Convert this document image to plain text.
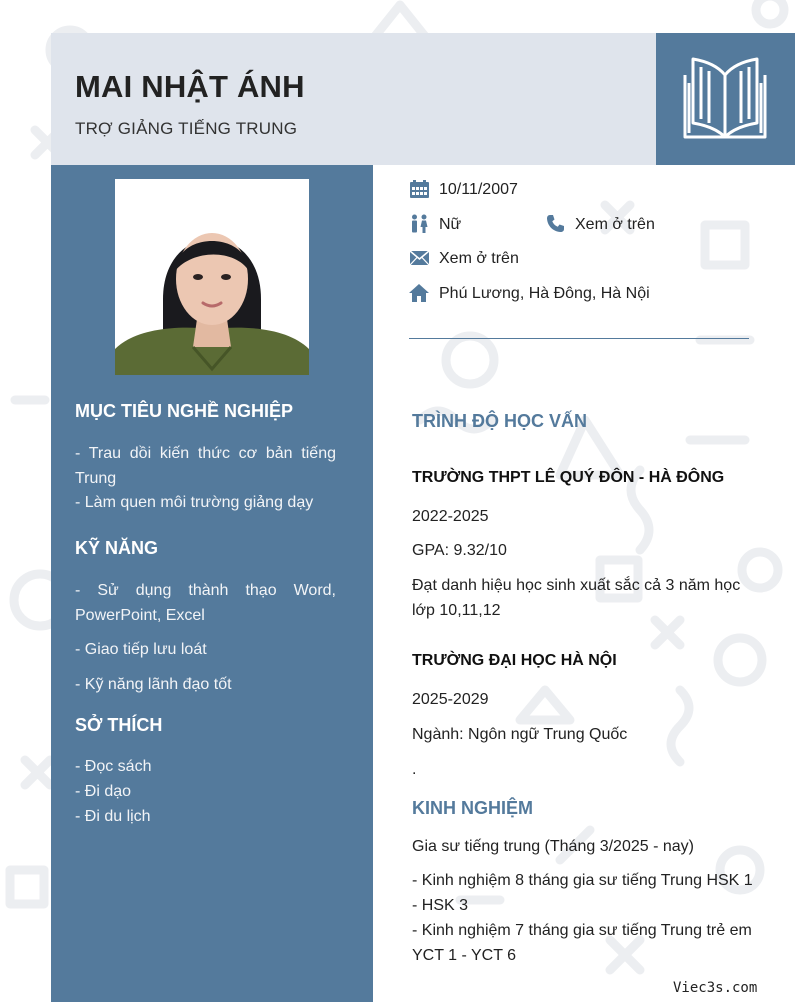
MAI NHẬT ÁNH
TRỢ GIẢNG TIẾNG TRUNG
MỤC TIÊU NGHỀ NGHIỆP
- Trau dồi kiến thức cơ bản tiếng Trung
- Làm quen môi trường giảng dạy
KỸ NĂNG
- Sử dụng thành thạo Word, PowerPoint, Excel
- Giao tiếp lưu loát
- Kỹ năng lãnh đạo tốt
SỞ THÍCH
- Đọc sách
- Đi dạo
- Đi du lịch
10/11/2007
Nữ	Xem ở trên
Xem ở trên
Phú Lương, Hà Đông, Hà Nội
TRÌNH ĐỘ HỌC VẤN
TRƯỜNG THPT LÊ QUÝ ĐÔN - HÀ ĐÔNG
2022-2025
GPA: 9.32/10
Đạt danh hiệu học sinh xuất sắc cả 3 năm học lớp 10,11,12
TRƯỜNG ĐẠI HỌC HÀ NỘI
2025-2029
Ngành: Ngôn ngữ Trung Quốc
.
KINH NGHIỆM
Gia sư tiếng trung (Tháng 3/2025 - nay)
- Kinh nghiệm 8 tháng gia sư tiếng Trung HSK 1 - HSK 3
- Kinh nghiệm 7 tháng gia sư tiếng Trung trẻ em YCT 1 - YCT 6
Viec3s.com
